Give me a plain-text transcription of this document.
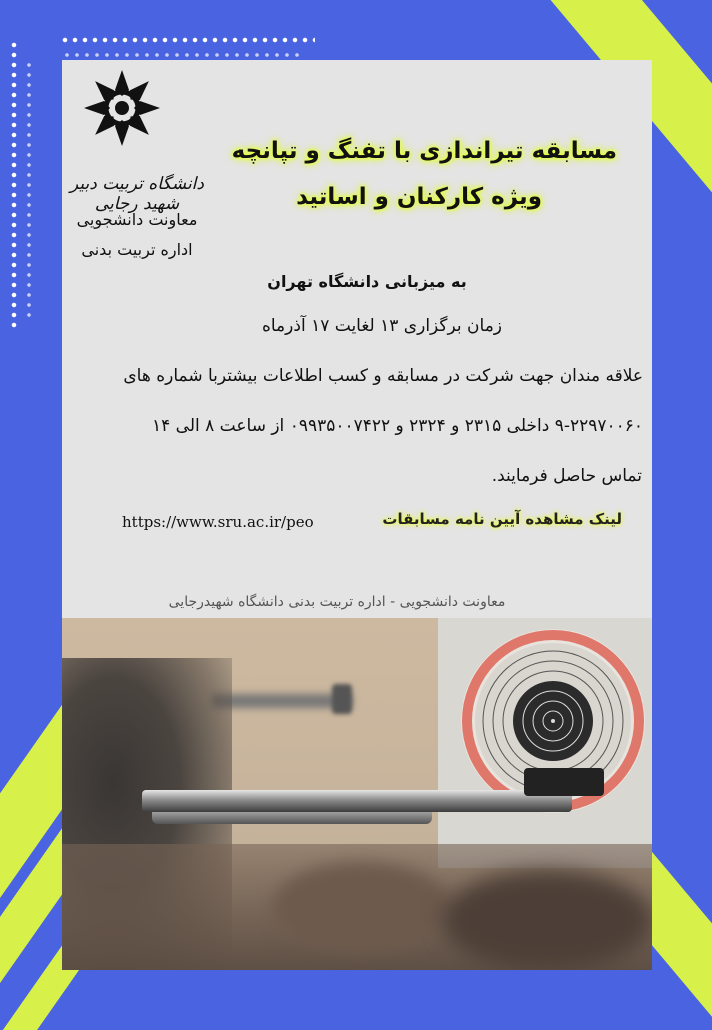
دانشگاه تربیت دبیر شهید رجایی
معاونت دانشجویی
اداره تربیت بدنی
مسابقه تیراندازی با تفنگ و تپانچه
ویژه کارکنان و اساتید
به میزبانی دانشگاه تهران
زمان برگزاری ۱۳ لغایت ۱۷ آذرماه
علاقه مندان جهت شرکت در مسابقه و کسب اطلاعات بیشتربا شماره های
۹-۲۲۹۷۰۰۶۰ داخلی ۲۳۱۵ و ۲۳۲۴ و ۰۹۹۳۵۰۰۷۴۲۲ از ساعت ۸ الی ۱۴
تماس حاصل فرمایند.
https://www.sru.ac.ir/peo	لینک مشاهده آیین نامه مسابقات
معاونت دانشجویی - اداره تربیت بدنی دانشگاه شهیدرجایی
